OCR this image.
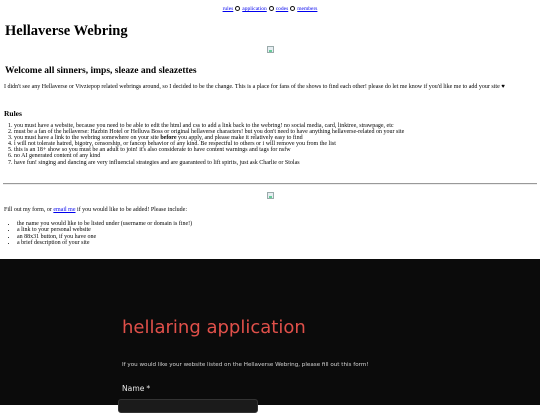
rules application codes members
Hellaverse Webring
Welcome all sinners, imps, sleaze and sleazettes

I didn't see any Hellaverse or Vivziepop related webrings around, so I decided to be the change. This is a place for fans of the shows to find each other! please do let me know if you'd like me to add your site ♥

Rules
1. you must have a website, because you need to be able to edit the html and css to add a link back to the webring! no social media, card, linktree, strawpage, etc
2. must be a fan of the hellaverse: Hazbin Hotel or Helluva Boss or original hellaverse characters! but you don't need to have anything hellaverse-related on your site
3. you must have a link to the webring somewhere on your site before you apply, and please make it relatively easy to find
4. i will not tolerate hatred, bigotry, censorship, or fancop behavior of any kind. Be respectful to others or i will remove you from the list
5. this is an 18+ show so you must be an adult to join! it's also considerate to have content warnings and tags for nsfw
6. no AI generated content of any kind
7. have fun! singing and dancing are very influencial strategies and are guaranteed to lift spirits, just ask Charlie or Stolas

Fill out my form, or email me if you would like to be added! Please include:

• the name you would like to be listed under (username or domain is fine!)
• a link to your personal website
• an 88x31 button, if you have one
• a brief description of your site
hellaring application

If you would like your website listed on the Hellaverse Webring, please fill out this form!

Name *
